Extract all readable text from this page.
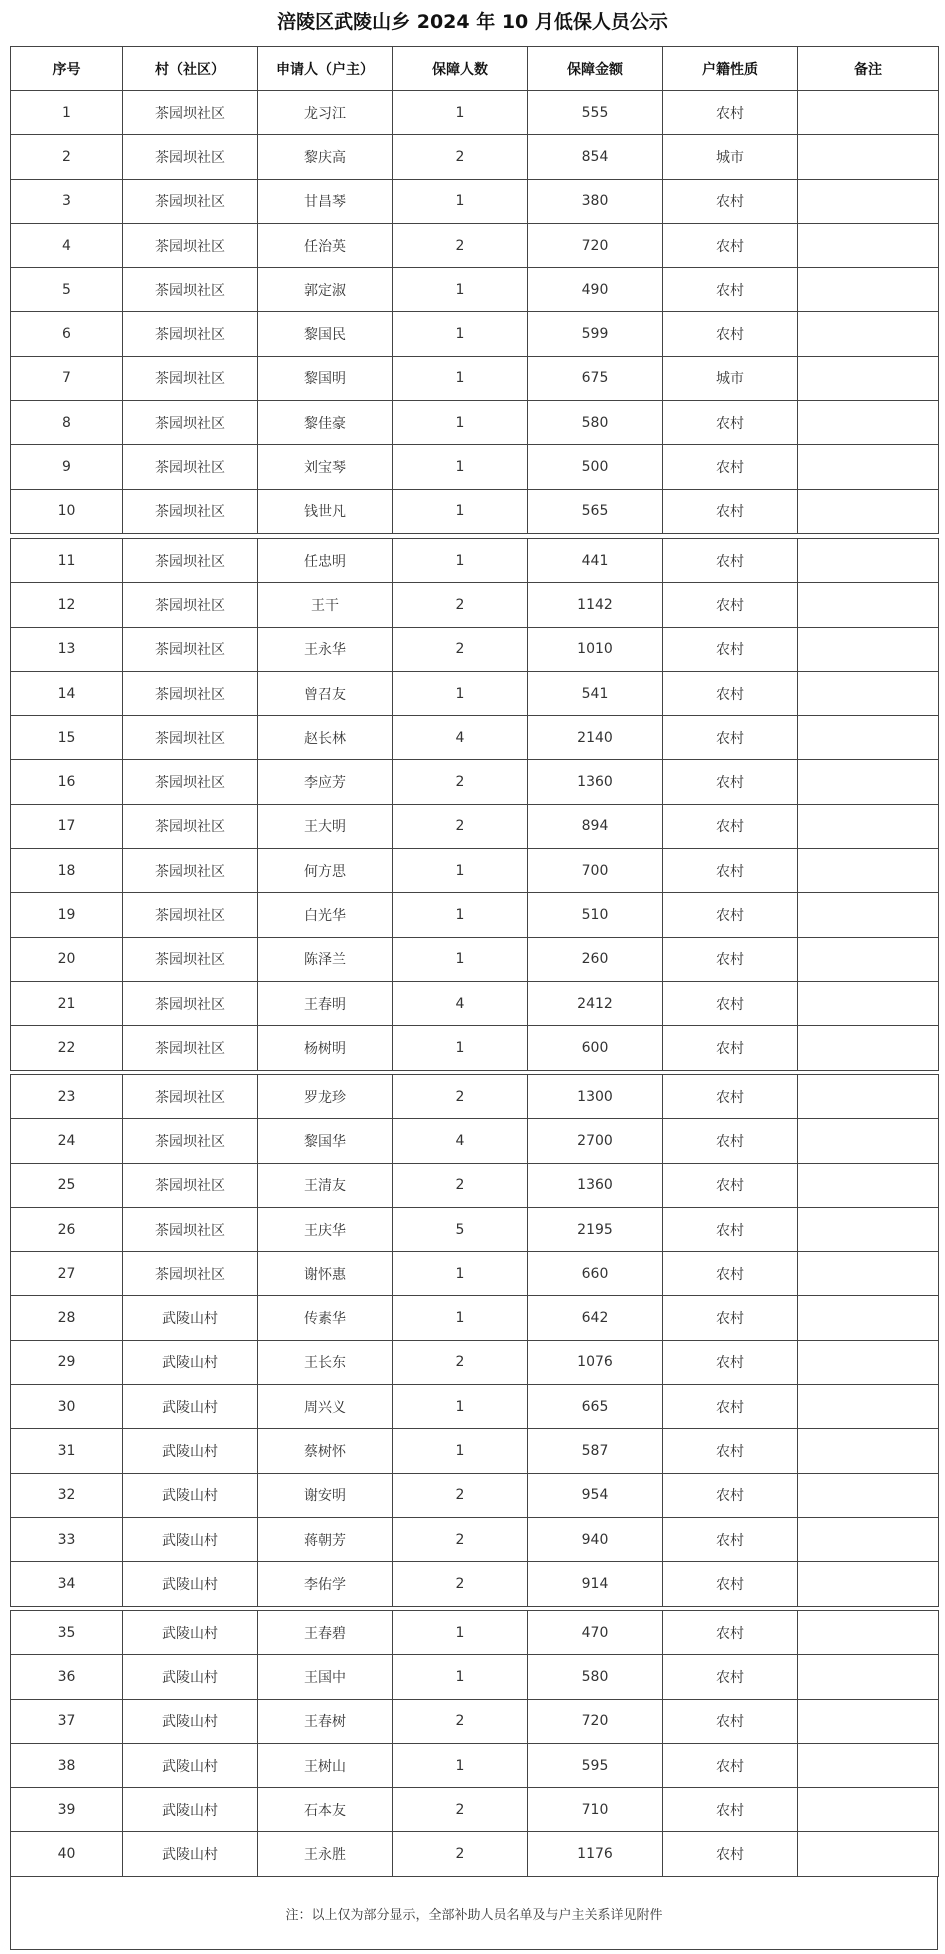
涪陵区武陵山乡 2024 年 10 月低保人员公示
序号	村（社区）	申请人（户主）	保障人数	保障金额	户籍性质	备注
1	茶园坝社区	龙习江	1	555	农村	
2	茶园坝社区	黎庆高	2	854	城市	
3	茶园坝社区	甘昌琴	1	380	农村	
4	茶园坝社区	任治英	2	720	农村	
5	茶园坝社区	郭定淑	1	490	农村	
6	茶园坝社区	黎国民	1	599	农村	
7	茶园坝社区	黎国明	1	675	城市	
8	茶园坝社区	黎佳豪	1	580	农村	
9	茶园坝社区	刘宝琴	1	500	农村	
10	茶园坝社区	钱世凡	1	565	农村	
11	茶园坝社区	任忠明	1	441	农村	
12	茶园坝社区	王干	2	1142	农村	
13	茶园坝社区	王永华	2	1010	农村	
14	茶园坝社区	曾召友	1	541	农村	
15	茶园坝社区	赵长林	4	2140	农村	
16	茶园坝社区	李应芳	2	1360	农村	
17	茶园坝社区	王大明	2	894	农村	
18	茶园坝社区	何方思	1	700	农村	
19	茶园坝社区	白光华	1	510	农村	
20	茶园坝社区	陈泽兰	1	260	农村	
21	茶园坝社区	王春明	4	2412	农村	
22	茶园坝社区	杨树明	1	600	农村	
23	茶园坝社区	罗龙珍	2	1300	农村	
24	茶园坝社区	黎国华	4	2700	农村	
25	茶园坝社区	王清友	2	1360	农村	
26	茶园坝社区	王庆华	5	2195	农村	
27	茶园坝社区	谢怀惠	1	660	农村	
28	武陵山村	传素华	1	642	农村	
29	武陵山村	王长东	2	1076	农村	
30	武陵山村	周兴义	1	665	农村	
31	武陵山村	蔡树怀	1	587	农村	
32	武陵山村	谢安明	2	954	农村	
33	武陵山村	蒋朝芳	2	940	农村	
34	武陵山村	李佑学	2	914	农村	
35	武陵山村	王春碧	1	470	农村	
36	武陵山村	王国中	1	580	农村	
37	武陵山村	王春树	2	720	农村	
38	武陵山村	王树山	1	595	农村	
39	武陵山村	石本友	2	710	农村	
40	武陵山村	王永胜	2	1176	农村	
注：以上仅为部分显示，全部补助人员名单及与户主关系详见附件
